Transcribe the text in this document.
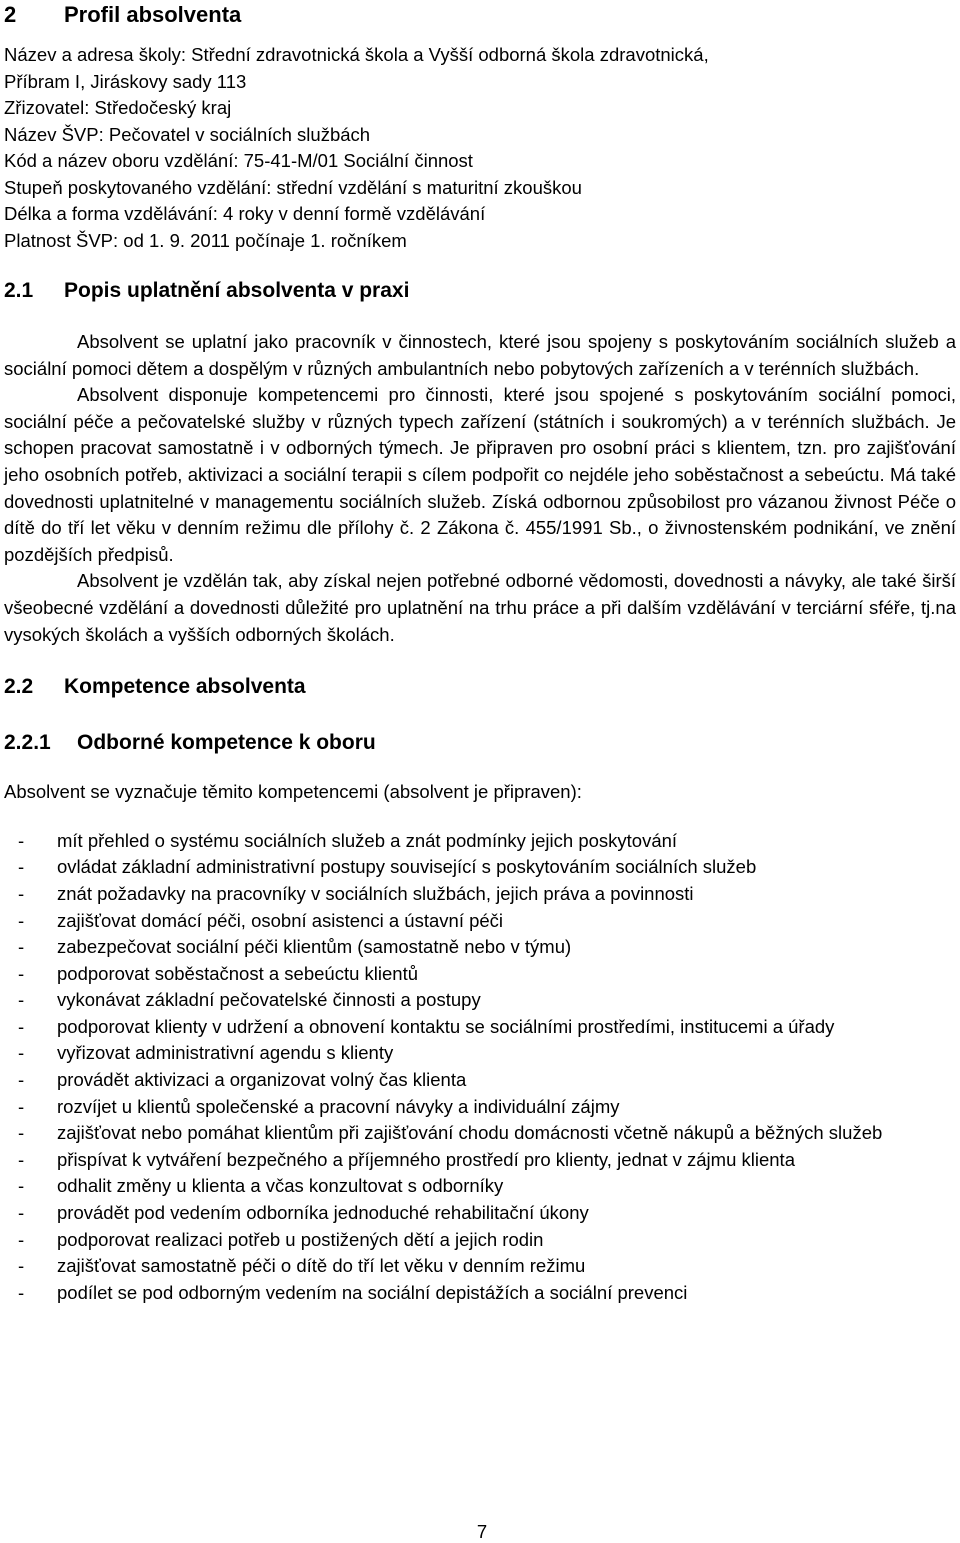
2 Profil absolventa
Název a adresa školy: Střední zdravotnická škola a Vyšší odborná škola zdravotnická,
Příbram I, Jiráskovy sady 113
Zřizovatel: Středočeský kraj
Název ŠVP: Pečovatel v sociálních službách
Kód a název oboru vzdělání: 75-41-M/01 Sociální činnost
Stupeň poskytovaného vzdělání: střední vzdělání s maturitní zkouškou
Délka a forma vzdělávání: 4 roky v denní formě vzdělávání
Platnost ŠVP: od 1. 9. 2011 počínaje 1. ročníkem
2.1 Popis uplatnění absolventa v praxi

Absolvent se uplatní jako pracovník v činnostech, které jsou spojeny s poskytováním sociálních služeb a sociální pomoci dětem a dospělým v různých ambulantních nebo pobytových zařízeních a v terénních službách.

Absolvent disponuje kompetencemi pro činnosti, které jsou spojené s poskytováním sociální pomoci, sociální péče a pečovatelské služby v různých typech zařízení (státních i soukromých) a v terénních službách. Je schopen pracovat samostatně i v odborných týmech. Je připraven pro osobní práci s klientem, tzn. pro zajišťování jeho osobních potřeb, aktivizaci a sociální terapii s cílem podpořit co nejdéle jeho soběstačnost a sebeúctu. Má také dovednosti uplatnitelné v managementu sociálních služeb. Získá odbornou způsobilost pro vázanou živnost Péče o dítě do tří let věku v denním režimu dle přílohy č. 2 Zákona č. 455/1991 Sb., o živnostenském podnikání, ve znění pozdějších předpisů.

Absolvent je vzdělán tak, aby získal nejen potřebné odborné vědomosti, dovednosti a návyky, ale také širší všeobecné vzdělání a dovednosti důležité pro uplatnění na trhu práce a při dalším vzdělávání v terciární sféře, tj.na vysokých školách a vyšších odborných školách.

2.2 Kompetence absolventa
2.2.1 Odborné kompetence k oboru

Absolvent se vyznačuje těmito kompetencemi (absolvent je připraven):

- mít přehled o systému sociálních služeb a znát podmínky jejich poskytování
- ovládat základní administrativní postupy související s poskytováním sociálních služeb
- znát požadavky na pracovníky v sociálních službách, jejich práva a povinnosti
- zajišťovat domácí péči, osobní asistenci a ústavní péči
- zabezpečovat sociální péči klientům (samostatně nebo v týmu)
- podporovat soběstačnost a sebeúctu klientů
- vykonávat základní pečovatelské činnosti a postupy
- podporovat klienty v udržení a obnovení kontaktu se sociálními prostředími, institucemi a úřady
- vyřizovat administrativní agendu s klienty
- provádět aktivizaci a organizovat volný čas klienta
- rozvíjet u klientů společenské a pracovní návyky a individuální zájmy
- zajišťovat nebo pomáhat klientům při zajišťování chodu domácnosti včetně nákupů a běžných služeb
- přispívat k vytváření bezpečného a příjemného prostředí pro klienty, jednat v zájmu klienta
- odhalit změny u klienta a včas konzultovat s odborníky
- provádět pod vedením odborníka jednoduché rehabilitační úkony
- podporovat realizaci potřeb u postižených dětí a jejich rodin
- zajišťovat samostatně péči o dítě do tří let věku v denním režimu
- podílet se pod odborným vedením na sociální depistážích a sociální prevenci
7
